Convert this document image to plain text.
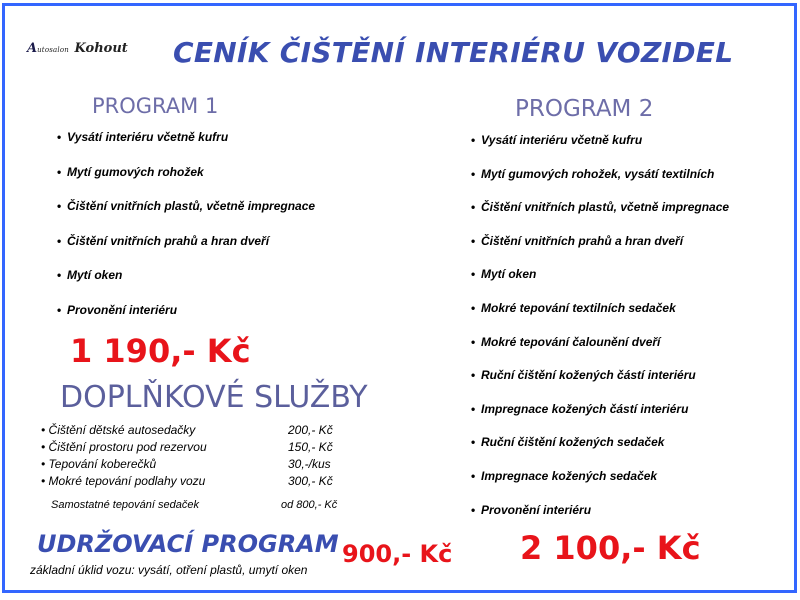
Autosalon Kohout	CENÍK ČIŠTĚNÍ INTERIÉRU VOZIDEL
PROGRAM 1
• Vysátí interiéru včetně kufru
• Mytí gumových rohožek
• Čištění vnitřních plastů, včetně impregnace
• Čištění vnitřních prahů a hran dveří
• Mytí oken
• Provonění interiéru
1 190,- Kč
PROGRAM 2
• Vysátí interiéru včetně kufru
• Mytí gumových rohožek, vysátí textilních
• Čištění vnitřních plastů, včetně impregnace
• Čištění vnitřních prahů a hran dveří
• Mytí oken
• Mokré tepování textilních sedaček
• Mokré tepování čalounění dveří
• Ruční čištění kožených částí interiéru
• Impregnace kožených částí interiéru
• Ruční čištění kožených sedaček
• Impregnace kožených sedaček
• Provonění interiéru
2 100,- Kč
DOPLŇKOVÉ SLUŽBY
• Čištění dětské autosedačky	200,- Kč
• Čištění prostoru pod rezervou	150,- Kč
• Tepování koberečků	30,-/kus
• Mokré tepování podlahy vozu	300,- Kč
Samostatné tepování sedaček	od 800,- Kč
UDRŽOVACÍ PROGRAM
základní úklid vozu: vysátí, otření plastů, umytí oken
900,- Kč
